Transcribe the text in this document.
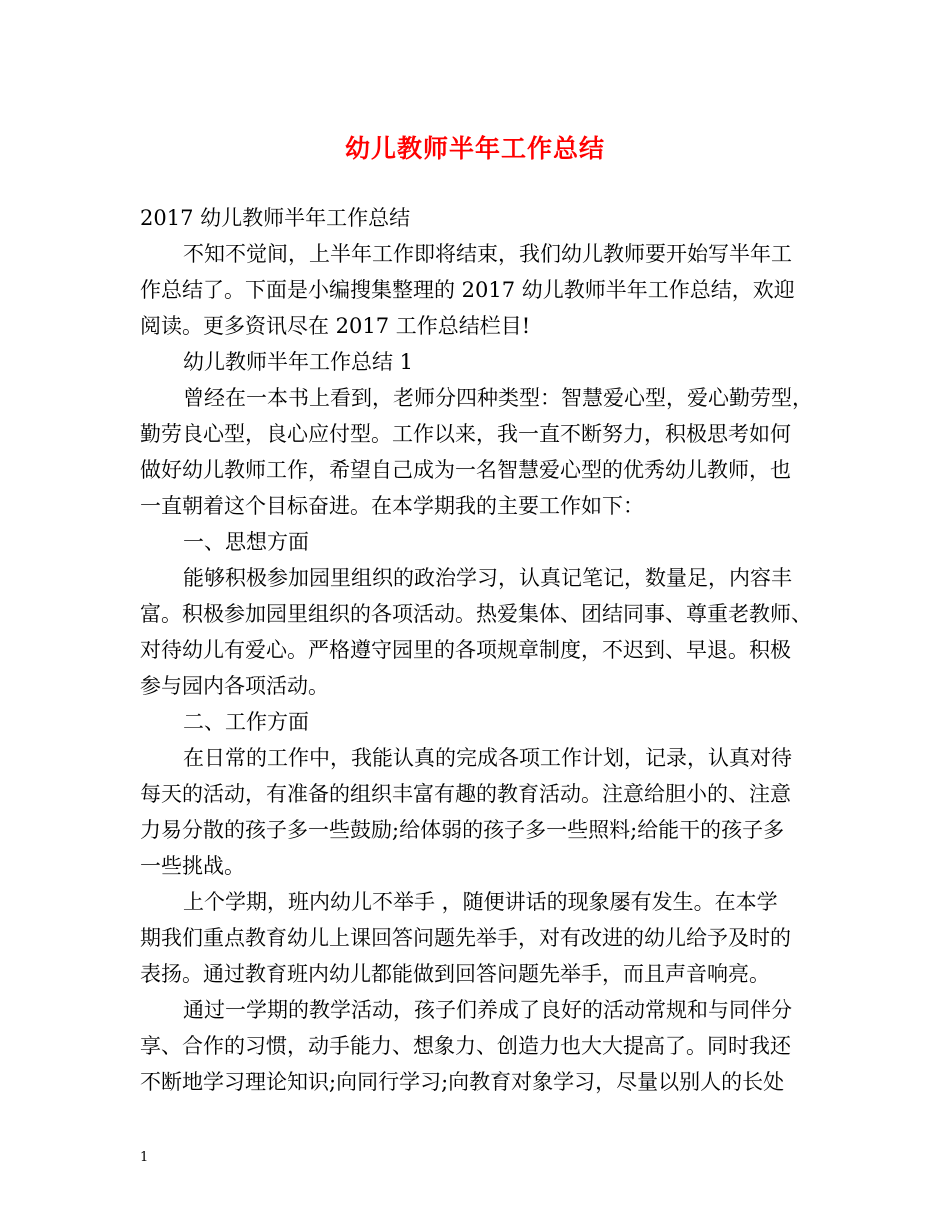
幼儿教师半年工作总结
2017 幼儿教师半年工作总结
不知不觉间，上半年工作即将结束，我们幼儿教师要开始写半年工
作总结了。下面是小编搜集整理的 2017 幼儿教师半年工作总结，欢迎
阅读。更多资讯尽在 2017 工作总结栏目!
幼儿教师半年工作总结 1
曾经在一本书上看到，老师分四种类型：智慧爱心型，爱心勤劳型，
勤劳良心型，良心应付型。工作以来，我一直不断努力，积极思考如何
做好幼儿教师工作，希望自己成为一名智慧爱心型的优秀幼儿教师，也
一直朝着这个目标奋进。在本学期我的主要工作如下：
一、思想方面
能够积极参加园里组织的政治学习，认真记笔记，数量足，内容丰
富。积极参加园里组织的各项活动。热爱集体、团结同事、尊重老教师、
对待幼儿有爱心。严格遵守园里的各项规章制度，不迟到、早退。积极
参与园内各项活动。
二、工作方面
在日常的工作中，我能认真的完成各项工作计划，记录，认真对待
每天的活动，有准备的组织丰富有趣的教育活动。注意给胆小的、注意
力易分散的孩子多一些鼓励;给体弱的孩子多一些照料;给能干的孩子多
一些挑战。
上个学期，班内幼儿不举手 ，随便讲话的现象屡有发生。在本学
期我们重点教育幼儿上课回答问题先举手，对有改进的幼儿给予及时的
表扬。通过教育班内幼儿都能做到回答问题先举手，而且声音响亮。
通过一学期的教学活动，孩子们养成了良好的活动常规和与同伴分
享、合作的习惯，动手能力、想象力、创造力也大大提高了。同时我还
不断地学习理论知识;向同行学习;向教育对象学习，尽量以别人的长处
1
